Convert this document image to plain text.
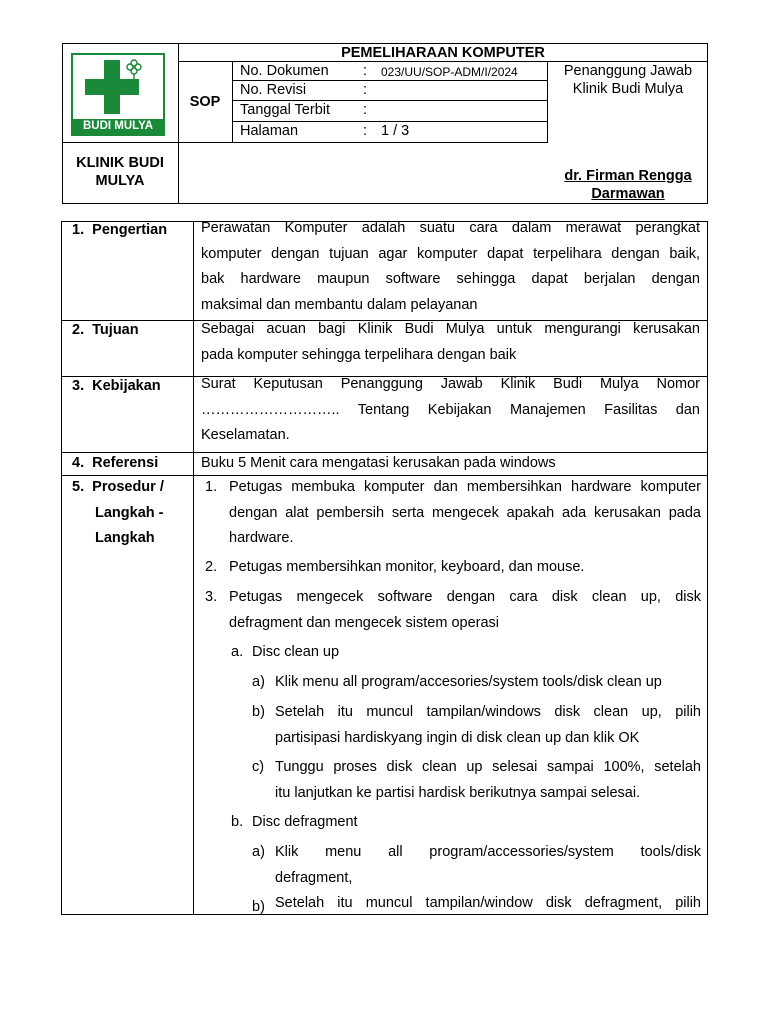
BUDI MULYA
PEMELIHARAAN KOMPUTER
SOP
No. Dokumen : 023/UU/SOP-ADM/I/2024
No. Revisi	:
Tanggal Terbit :
Halaman	: 1 / 3
Penanggung Jawab
Klinik Budi Mulya
KLINIK BUDI
MULYA	dr. Firman Rengga
Darmawan
1.  Pengertian Perawatan Komputer adalah suatu cara dalam merawat perangkat
komputer dengan tujuan agar komputer dapat terpelihara dengan baik,
bak hardware maupun software sehingga dapat berjalan dengan
maksimal dan membantu dalam pelayanan
2.  Tujuan	Sebagai acuan bagi Klinik Budi Mulya untuk mengurangi kerusakan
pada komputer sehingga terpelihara dengan baik
3.  Kebijakan	Surat Keputusan Penanggung Jawab Klinik Budi Mulya Nomor
……………………….. Tentang Kebijakan Manajemen Fasilitas dan
Keselamatan.
4.  Referensi	Buku 5 Menit cara mengatasi kerusakan pada windows
5.  Prosedur /
Langkah -
Langkah
1. Petugas membuka komputer dan membersihkan hardware komputer
dengan alat pembersih serta mengecek apakah ada kerusakan pada
hardware.
2. Petugas membersihkan monitor, keyboard, dan mouse.
3. Petugas mengecek software dengan cara disk clean up, disk
defragment dan mengecek sistem operasi
a. Disc clean up
a) Klik menu all program/accesories/system tools/disk clean up
b) Setelah itu muncul tampilan/windows disk clean up, pilih
partisipasi hardiskyang ingin di disk clean up dan klik OK
c) Tunggu proses disk clean up selesai sampai 100%, setelah
itu lanjutkan ke partisi hardisk berikutnya sampai selesai.
b. Disc defragment
a) Klik menu all program/accessories/system tools/disk
defragment,
b) Setelah itu muncul tampilan/window disk defragment, pilih
